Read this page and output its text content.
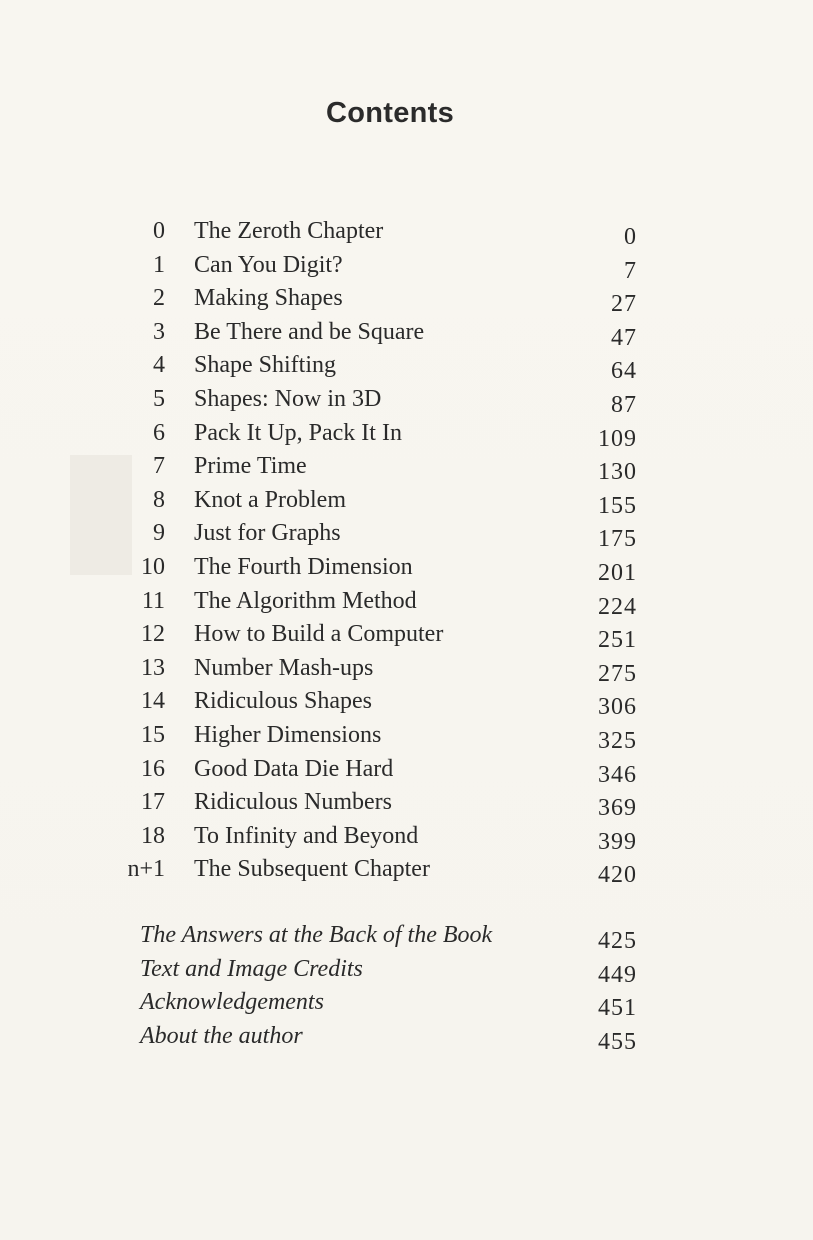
Contents
0 The Zeroth Chapter	0
1 Can You Digit?	7
2 Making Shapes	27
3 Be There and be Square	47
4 Shape Shifting	64
5 Shapes: Now in 3D	87
6 Pack It Up, Pack It In	109
7 Prime Time	130
8 Knot a Problem	155
9 Just for Graphs	175
10 The Fourth Dimension	201
11 The Algorithm Method	224
12 How to Build a Computer	251
13 Number Mash-ups	275
14 Ridiculous Shapes	306
15 Higher Dimensions	325
16 Good Data Die Hard	346
17 Ridiculous Numbers	369
18 To Infinity and Beyond	399
n+1 The Subsequent Chapter	420
The Answers at the Back of the Book	425
Text and Image Credits	449
Acknowledgements	451
About the author	455
